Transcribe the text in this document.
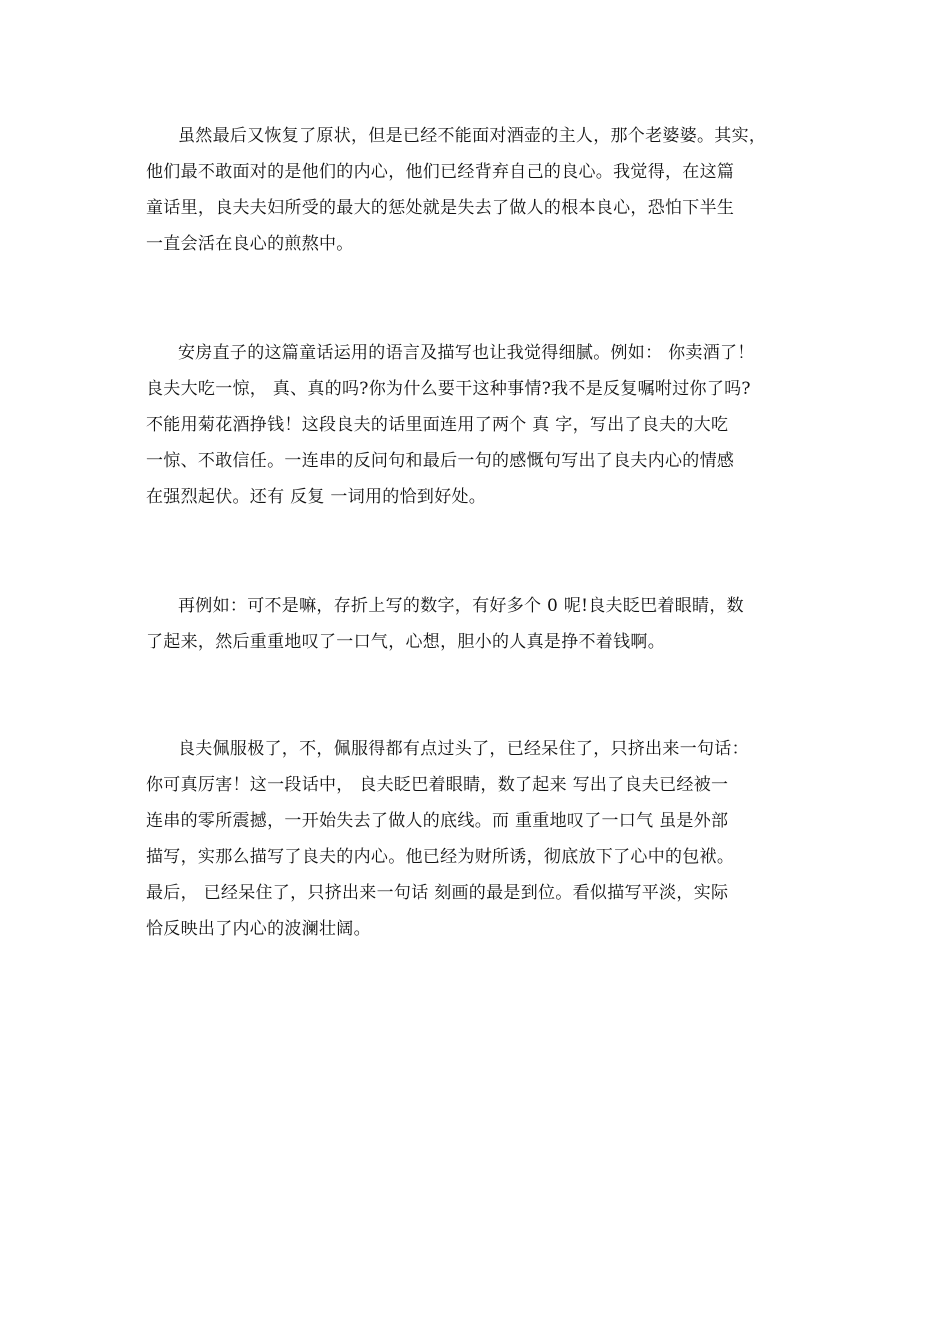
虽然最后又恢复了原状，但是已经不能面对酒壶的主人，那个老婆婆。其实，
他们最不敢面对的是他们的内心，他们已经背弃自己的良心。我觉得，在这篇
童话里，良夫夫妇所受的最大的惩处就是失去了做人的根本良心，恐怕下半生
一直会活在良心的煎熬中。
安房直子的这篇童话运用的语言及描写也让我觉得细腻。例如： 你卖酒了！
良夫大吃一惊， 真、真的吗?你为什么要干这种事情?我不是反复嘱咐过你了吗?
不能用菊花酒挣钱！这段良夫的话里面连用了两个 真 字，写出了良夫的大吃
一惊、不敢信任。一连串的反问句和最后一句的感慨句写出了良夫内心的情感
在强烈起伏。还有 反复 一词用的恰到好处。
再例如：可不是嘛，存折上写的数字，有好多个 0 呢!良夫眨巴着眼睛，数
了起来，然后重重地叹了一口气，心想，胆小的人真是挣不着钱啊。
良夫佩服极了，不，佩服得都有点过头了，已经呆住了，只挤出来一句话：
你可真厉害！这一段话中， 良夫眨巴着眼睛，数了起来 写出了良夫已经被一
连串的零所震撼，一开始失去了做人的底线。而 重重地叹了一口气 虽是外部
描写，实那么描写了良夫的内心。他已经为财所诱，彻底放下了心中的包袱。
最后， 已经呆住了，只挤出来一句话 刻画的最是到位。看似描写平淡，实际
恰反映出了内心的波澜壮阔。
